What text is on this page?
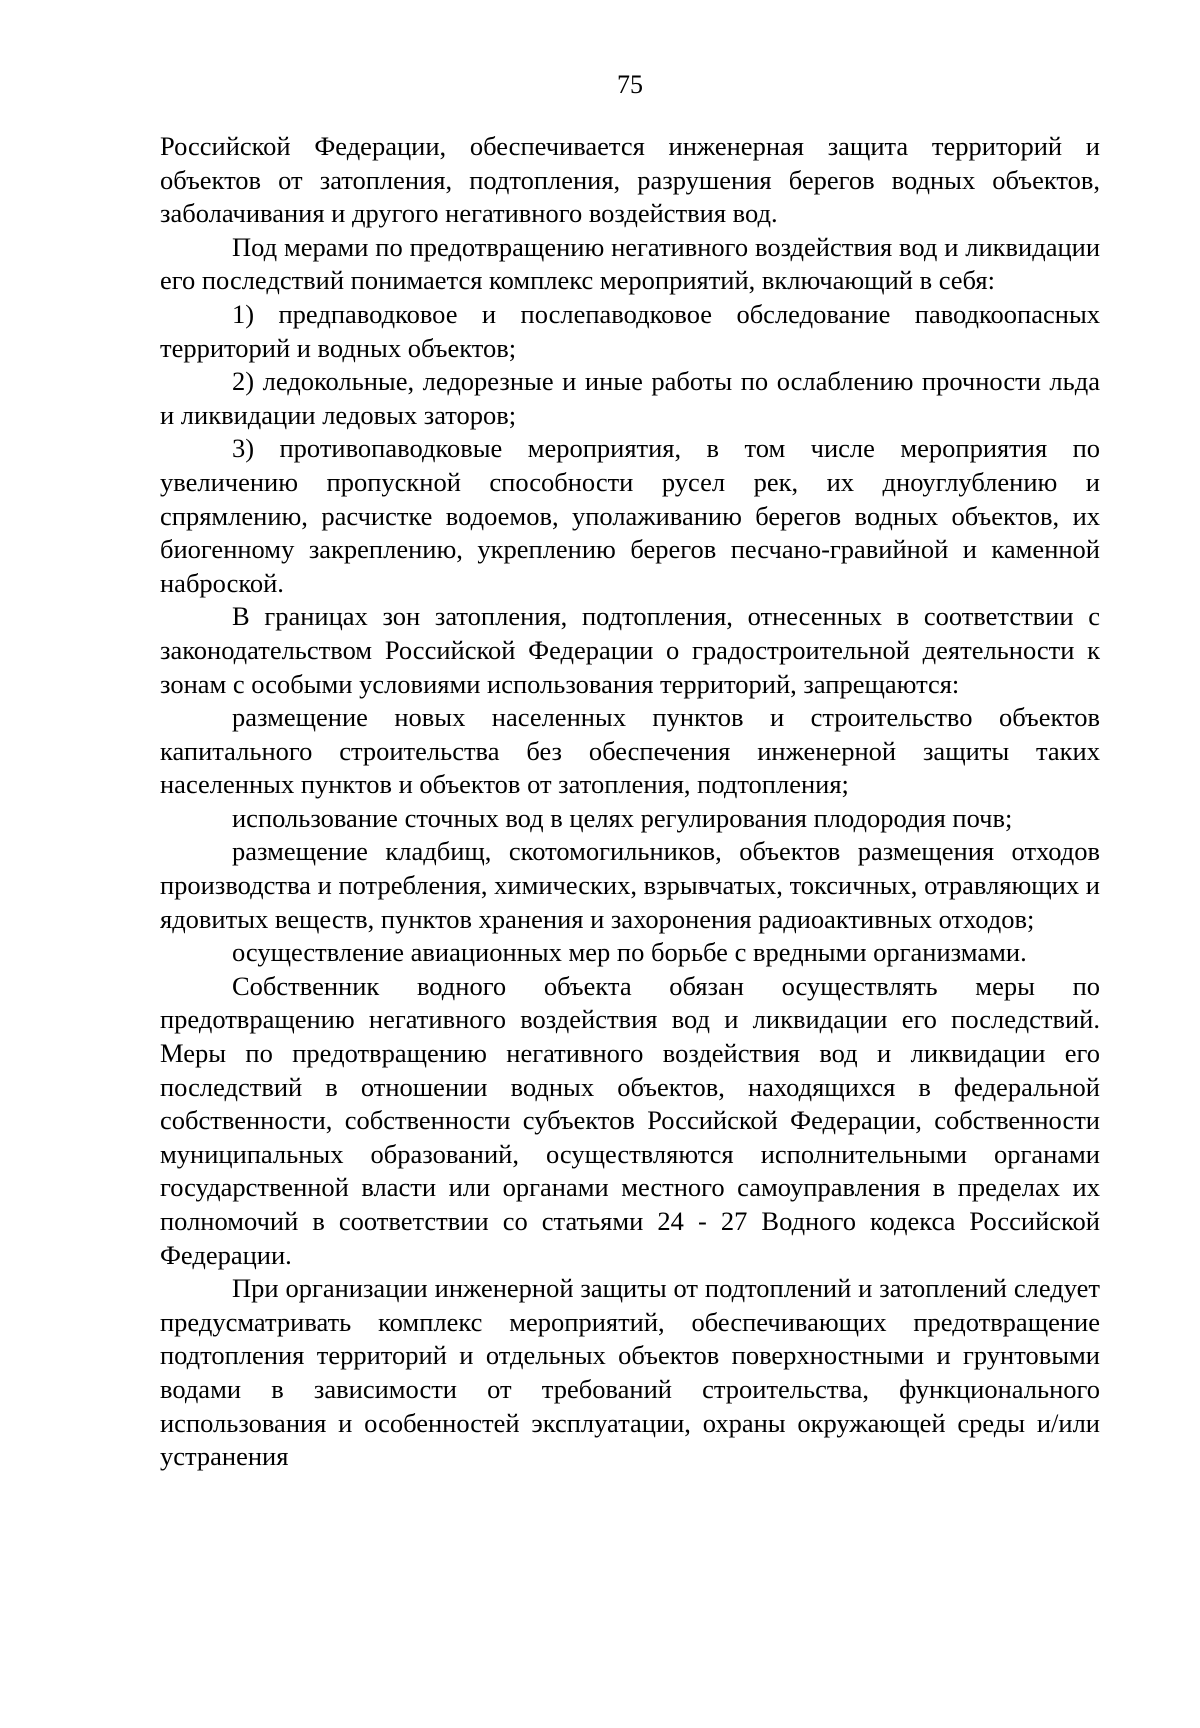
75

Российской Федерации, обеспечивается инженерная защита территорий и объектов от затопления, подтопления, разрушения берегов водных объектов, заболачивания и другого негативного воздействия вод.

Под мерами по предотвращению негативного воздействия вод и ликвидации его последствий понимается комплекс мероприятий, включающий в себя:

1) предпаводковое и послепаводковое обследование паводкоопасных территорий и водных объектов;

2) ледокольные, ледорезные и иные работы по ослаблению прочности льда и ликвидации ледовых заторов;

3) противопаводковые мероприятия, в том числе мероприятия по увеличению пропускной способности русел рек, их дноуглублению и спрямлению, расчистке водоемов, уполаживанию берегов водных объектов, их биогенному закреплению, укреплению берегов песчано-гравийной и каменной наброской.

В границах зон затопления, подтопления, отнесенных в соответствии с законодательством Российской Федерации о градостроительной деятельности к зонам с особыми условиями использования территорий, запрещаются:

размещение новых населенных пунктов и строительство объектов капитального строительства без обеспечения инженерной защиты таких населенных пунктов и объектов от затопления, подтопления;

использование сточных вод в целях регулирования плодородия почв;

размещение кладбищ, скотомогильников, объектов размещения отходов производства и потребления, химических, взрывчатых, токсичных, отравляющих и ядовитых веществ, пунктов хранения и захоронения радиоактивных отходов;

осуществление авиационных мер по борьбе с вредными организмами.

Собственник водного объекта обязан осуществлять меры по предотвращению негативного воздействия вод и ликвидации его последствий. Меры по предотвращению негативного воздействия вод и ликвидации его последствий в отношении водных объектов, находящихся в федеральной собственности, собственности субъектов Российской Федерации, собственности муниципальных образований, осуществляются исполнительными органами государственной власти или органами местного самоуправления в пределах их полномочий в соответствии со статьями 24 - 27 Водного кодекса Российской Федерации.

При организации инженерной защиты от подтоплений и затоплений следует предусматривать комплекс мероприятий, обеспечивающих предотвращение подтопления территорий и отдельных объектов поверхностными и грунтовыми водами в зависимости от требований строительства, функционального использования и особенностей эксплуатации, охраны окружающей среды и/или устранения
